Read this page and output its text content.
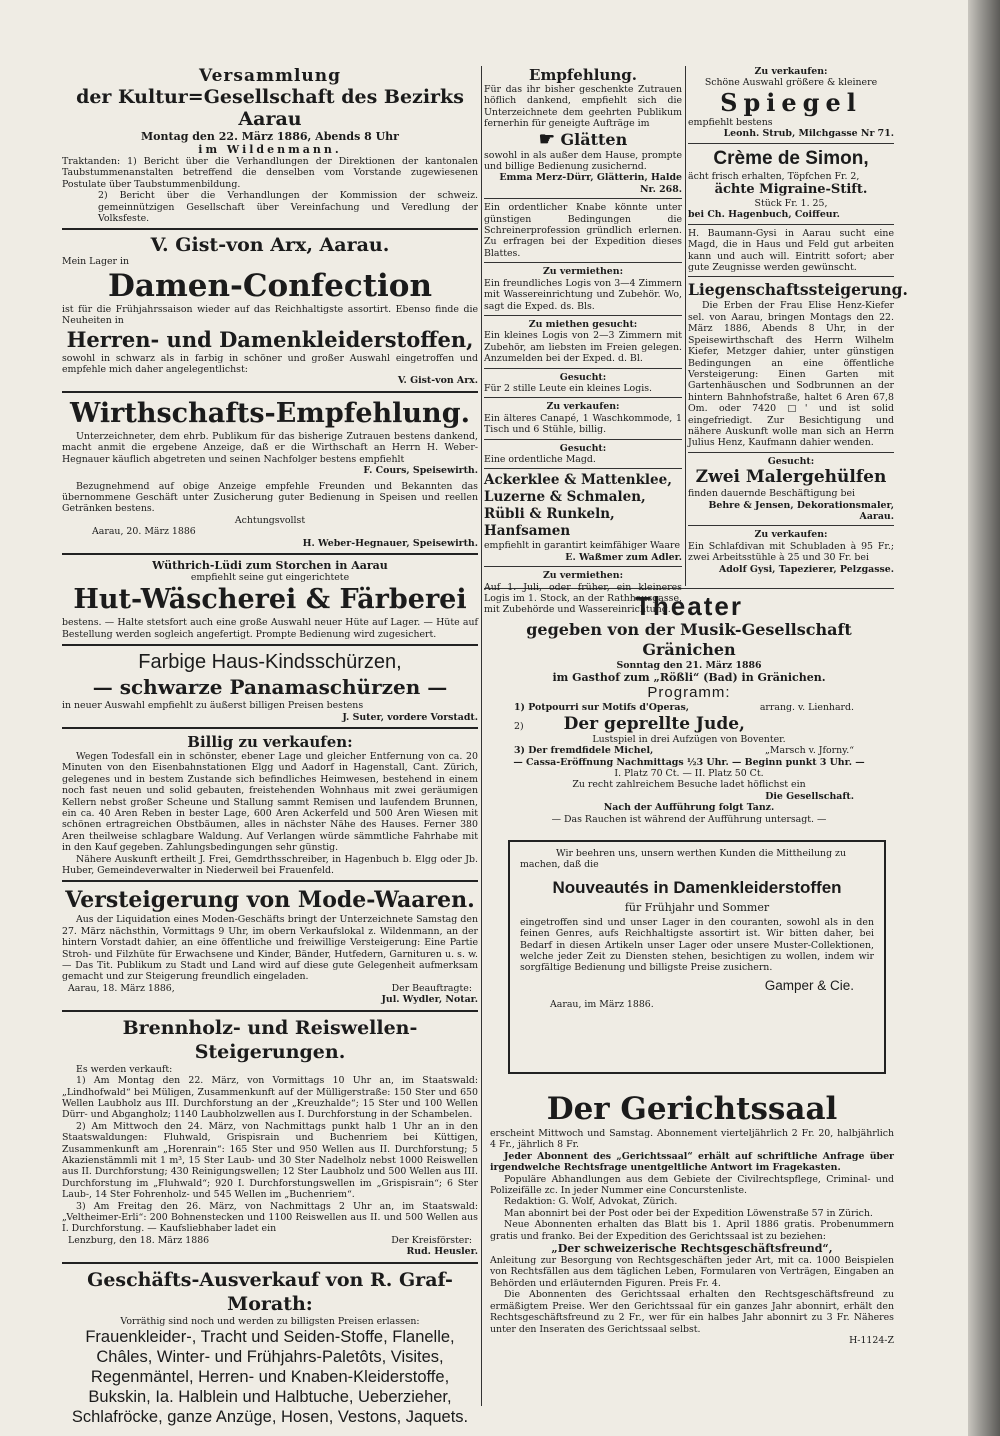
Versammlung
der Kultur=Gesellschaft des Bezirks Aarau
Montag den 22. März 1886, Abends 8 Uhr
im Wildenmann.

Traktanden: 1) Bericht über die Verhandlungen der Direktionen der kantonalen Taubstummenanstalten betreffend die denselben vom Vorstande zugewiesenen Postulate über Taubstummenbildung.

2) Bericht über die Verhandlungen der Kommission der schweiz. gemeinnützigen Gesellschaft über Vereinfachung und Veredlung der Volksfeste.

V. Gist-von Arx, Aarau.

Mein Lager in

Damen-Confection

ist für die Frühjahrssaison wieder auf das Reichhaltigste assortirt. Ebenso finde die Neuheiten in

Herren- und Damenkleiderstoffen,

sowohl in schwarz als in farbig in schöner und großer Auswahl eingetroffen und empfehle mich daher angelegentlichst:

V. Gist-von Arx.

Wirthschafts-Empfehlung.

Unterzeichneter, dem ehrb. Publikum für das bisherige Zutrauen bestens dankend, macht anmit die ergebene Anzeige, daß er die Wirthschaft an Herrn H. Weber-Hegnauer käuflich abgetreten und seinen Nachfolger bestens empfiehlt

F. Cours, Speisewirth.

Bezugnehmend auf obige Anzeige empfehle Freunden und Bekannten das übernommene Geschäft unter Zusicherung guter Bedienung in Speisen und reellen Getränken bestens.

Achtungsvollst

Aarau, 20. März 1886

H. Weber-Hegnauer, Speisewirth.

Wüthrich-Lüdi zum Storchen in Aarau
empfiehlt seine gut eingerichtete
Hut-Wäscherei & Färberei

bestens. — Halte stetsfort auch eine große Auswahl neuer Hüte auf Lager. — Hüte auf Bestellung werden sogleich angefertigt. Prompte Bedienung wird zugesichert.

Farbige Haus-Kindsschürzen,
— schwarze Panamaschürzen —

in neuer Auswahl empfiehlt zu äußerst billigen Preisen bestens

J. Suter, vordere Vorstadt.

Billig zu verkaufen:

Wegen Todesfall ein in schönster, ebener Lage und gleicher Entfernung von ca. 20 Minuten von den Eisenbahnstationen Elgg und Aadorf in Hagenstall, Cant. Zürich, gelegenes und in bestem Zustande sich befindliches Heimwesen, bestehend in einem noch fast neuen und solid gebauten, freistehenden Wohnhaus mit zwei geräumigen Kellern nebst großer Scheune und Stallung sammt Remisen und laufendem Brunnen, ein ca. 40 Aren Reben in bester Lage, 600 Aren Ackerfeld und 500 Aren Wiesen mit schönen ertragreichen Obstbäumen, alles in nächster Nähe des Hauses. Ferner 380 Aren theilweise schlagbare Waldung. Auf Verlangen würde sämmtliche Fahrhabe mit in den Kauf gegeben. Zahlungsbedingungen sehr günstig.

Nähere Auskunft ertheilt J. Frei, Gemdrthsschreiber, in Hagenbuch b. Elgg oder Jb. Huber, Gemeindeverwalter in Niederweil bei Frauenfeld.

Versteigerung von Mode-Waaren.

Aus der Liquidation eines Moden-Geschäfts bringt der Unterzeichnete Samstag den 27. März nächsthin, Vormittags 9 Uhr, im obern Verkaufslokal z. Wildenmann, an der hintern Vorstadt dahier, an eine öffentliche und freiwillige Versteigerung: Eine Partie Stroh- und Filzhüte für Erwachsene und Kinder, Bänder, Hutfedern, Garnituren u. s. w. — Das Tit. Publikum zu Stadt und Land wird auf diese gute Gelegenheit aufmerksam gemacht und zur Steigerung freundlich eingeladen.

Aarau, 18. März 1886,	Der Beauftragte:

Jul. Wydler, Notar.

Brennholz- und Reiswellen-Steigerungen.

Es werden verkauft:

1) Am Montag den 22. März, von Vormittags 10 Uhr an, im Staatswald: „Lindhofwald“ bei Müligen, Zusammenkunft auf der Mülligerstraße: 150 Ster und 650 Wellen Laubholz aus III. Durchforstung an der „Kreuzhalde“; 15 Ster und 100 Wellen Dürr- und Abgangholz; 1140 Laubholzwellen aus I. Durchforstung in der Schambelen.

2) Am Mittwoch den 24. März, von Nachmittags punkt halb 1 Uhr an in den Staatswaldungen: Fluhwald, Grispisrain und Buchenriem bei Küttigen, Zusammenkunft am „Horenrain“: 165 Ster und 950 Wellen aus II. Durchforstung; 5 Akazienstämmli mit 1 m³, 15 Ster Laub- und 30 Ster Nadelholz nebst 1000 Reiswellen aus II. Durchforstung; 430 Reinigungswellen; 12 Ster Laubholz und 500 Wellen aus III. Durchforstung im „Fluhwald“; 920 I. Durchforstungswellen im „Grispisrain“; 6 Ster Laub-, 14 Ster Fohrenholz- und 545 Wellen im „Buchenriem“.

3) Am Freitag den 26. März, von Nachmittags 2 Uhr an, im Staatswald: „Veltheimer-Erli“: 200 Bohnenstecken und 1100 Reiswellen aus II. und 500 Wellen aus I. Durchforstung. — Kaufsliebhaber ladet ein

Lenzburg, den 18. März 1886	Der Kreisförster:

Rud. Heusler.

Geschäfts-Ausverkauf von R. Graf-Morath:

Vorräthig sind noch und werden zu billigsten Preisen erlassen:

Frauenkleider-, Tracht und Seiden-Stoffe, Flanelle, Châles, Winter- und Frühjahrs-Paletôts, Visites, Regenmäntel, Herren- und Knaben-Kleiderstoffe, Bukskin, Ia. Halblein und Halbtuche, Ueberzieher, Schlafröcke, ganze Anzüge, Hosen, Vestons, Jaquets.

Empfehlung.

Für das ihr bisher geschenkte Zutrauen höflich dankend, empfiehlt sich die Unterzeichnete dem geehrten Publikum fernerhin für geneigte Aufträge im

☛ Glätten

sowohl in als außer dem Hause, prompte und billige Bedienung zusichernd.

Emma Merz-Dürr, Glätterin, Halde Nr. 268.

Ein ordentlicher Knabe könnte unter günstigen Bedingungen die Schreinerprofession gründlich erlernen. Zu erfragen bei der Expedition dieses Blattes.

Zu vermiethen:

Ein freundliches Logis von 3—4 Zimmern mit Wassereinrichtung und Zubehör. Wo, sagt die Exped. ds. Bls.

Zu miethen gesucht:

Ein kleines Logis von 2—3 Zimmern mit Zubehör, am liebsten im Freien gelegen. Anzumelden bei der Exped. d. Bl.

Gesucht:

Für 2 stille Leute ein kleines Logis.

Zu verkaufen:

Ein älteres Canapé, 1 Waschkommode, 1 Tisch und 6 Stühle, billig.

Gesucht:

Eine ordentliche Magd.

Ackerklee & Mattenklee,
Luzerne & Schmalen,
Rübli & Runkeln,
Hanfsamen

empfiehlt in garantirt keimfähiger Waare

E. Waßmer zum Adler.

Zu vermiethen:

Auf 1. Juli, oder früher, ein kleineres Logis im 1. Stock, an der Rathhausgasse, mit Zubehörde und Wassereinrichtung.

Zu verkaufen:

Schöne Auswahl größere & kleinere

Spiegel

empfiehlt bestens

Leonh. Strub, Milchgasse Nr 71.

Crème de Simon,

ächt frisch erhalten, Töpfchen Fr. 2,

ächte Migraine-Stift.

Stück Fr. 1. 25,

bei Ch. Hagenbuch, Coiffeur.

H. Baumann-Gysi in Aarau sucht eine Magd, die in Haus und Feld gut arbeiten kann und auch will. Eintritt sofort; aber gute Zeugnisse werden gewünscht.

Liegenschaftssteigerung.

Die Erben der Frau Elise Henz-Kiefer sel. von Aarau, bringen Montags den 22. März 1886, Abends 8 Uhr, in der Speisewirthschaft des Herrn Wilhelm Kiefer, Metzger dahier, unter günstigen Bedingungen an eine öffentliche Versteigerung: Einen Garten mit Gartenhäuschen und Sodbrunnen an der hintern Bahnhofstraße, haltet 6 Aren 67,8 Om. oder 7420 □' und ist solid eingefriedigt. Zur Besichtigung und nähere Auskunft wolle man sich an Herrn Julius Henz, Kaufmann dahier wenden.

Gesucht:

Zwei Malergehülfen

finden dauernde Beschäftigung bei

Behre & Jensen, Dekorationsmaler, Aarau.

Zu verkaufen:

Ein Schlafdivan mit Schubladen à 95 Fr.; zwei Arbeitsstühle à 25 und 30 Fr. bei

Adolf Gysi, Tapezierer, Pelzgasse.

Theater
gegeben von der Musik-Gesellschaft Gränichen
Sonntag den 21. März 1886
im Gasthof zum „Rößli“ (Bad) in Gränichen.
Programm:
1) Potpourri sur Motifs d'Operas,	arrang. v. Lienhard.
2) Der geprellte Jude,
Lustspiel in drei Aufzügen von Boventer.
3) Der fremdfidele Michel,	„Marsch v. Jforny.“
— Cassa-Eröffnung Nachmittags ½3 Uhr. — Beginn punkt 3 Uhr. —
I. Platz 70 Ct. — II. Platz 50 Ct.
Zu recht zahlreichem Besuche ladet höflichst ein
Die Gesellschaft.
Nach der Aufführung folgt Tanz.
— Das Rauchen ist während der Aufführung untersagt. —

Wir beehren uns, unsern werthen Kunden die Mittheilung zu machen, daß die

Nouveautés in Damenkleiderstoffen
für Frühjahr und Sommer

eingetroffen sind und unser Lager in den couranten, sowohl als in den feinen Genres, aufs Reichhaltigste assortirt ist. Wir bitten daher, bei Bedarf in diesen Artikeln unser Lager oder unsere Muster-Collektionen, welche jeder Zeit zu Diensten stehen, besichtigen zu wollen, indem wir sorgfältige Bedienung und billigste Preise zusichern.

Gamper & Cie.

Aarau, im März 1886.

Der Gerichtssaal

erscheint Mittwoch und Samstag. Abonnement vierteljährlich 2 Fr. 20, halbjährlich 4 Fr., jährlich 8 Fr.

Jeder Abonnent des „Gerichtssaal“ erhält auf schriftliche Anfrage über irgendwelche Rechtsfrage unentgeltliche Antwort im Fragekasten.

Populäre Abhandlungen aus dem Gebiete der Civilrechtspflege, Criminal- und Polizeifälle zc. In jeder Nummer eine Concurstenliste.

Redaktion: G. Wolf, Advokat, Zürich.

Man abonnirt bei der Post oder bei der Expedition Löwenstraße 57 in Zürich.

Neue Abonnenten erhalten das Blatt bis 1. April 1886 gratis. Probenummern gratis und franko. Bei der Expedition des Gerichtssaal ist zu beziehen:

„Der schweizerische Rechtsgeschäftsfreund“,

Anleitung zur Besorgung von Rechtsgeschäften jeder Art, mit ca. 1000 Beispielen von Rechtsfällen aus dem täglichen Leben, Formularen von Verträgen, Eingaben an Behörden und erläuternden Figuren. Preis Fr. 4.

Die Abonnenten des Gerichtssaal erhalten den Rechtsgeschäftsfreund zu ermäßigtem Preise. Wer den Gerichtssaal für ein ganzes Jahr abonnirt, erhält den Rechtsgeschäftsfreund zu 2 Fr., wer für ein halbes Jahr abonnirt zu 3 Fr. Näheres unter den Inseraten des Gerichtssaal selbst.

H-1124-Z
